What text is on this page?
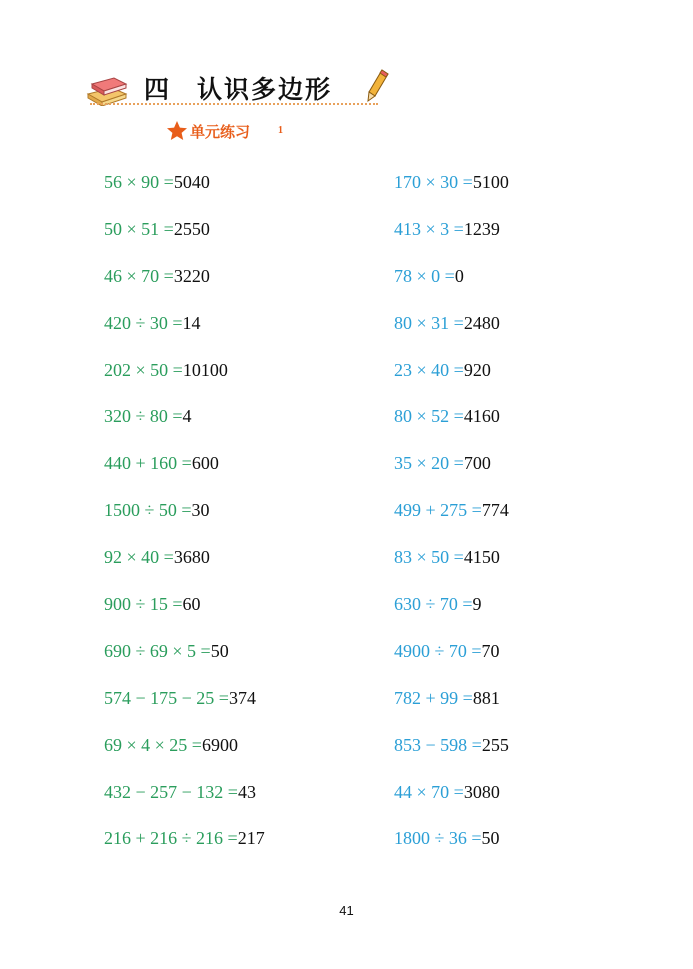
四 认识多边形
单元练习	1
56 × 90 =5040
50 × 51 =2550
46 × 70 =3220
420 ÷ 30 =14
202 × 50 =10100
320 ÷ 80 =4
440 + 160 =600
1500 ÷ 50 =30
92 × 40 =3680
900 ÷ 15 =60
690 ÷ 69 × 5 =50
574 − 175 − 25 =374
69 × 4 × 25 =6900
432 − 257 − 132 =43
216 + 216 ÷ 216 =217
170 × 30 =5100
413 × 3 =1239
78 × 0 =0
80 × 31 =2480
23 × 40 =920
80 × 52 =4160
35 × 20 =700
499 + 275 =774
83 × 50 =4150
630 ÷ 70 =9
4900 ÷ 70 =70
782 + 99 =881
853 − 598 =255
44 × 70 =3080
1800 ÷ 36 =50
41
